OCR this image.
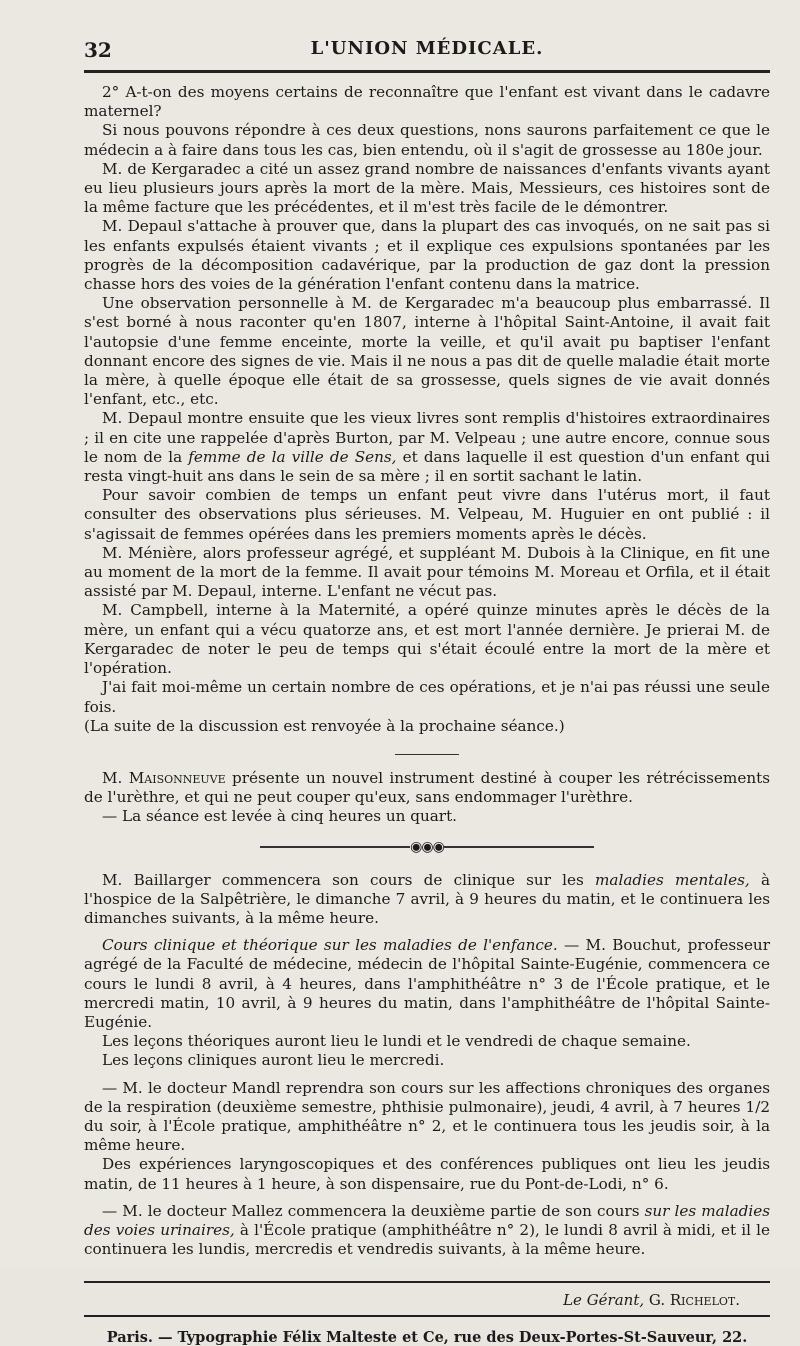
32	L'UNION MÉDICALE.

2° A-t-on des moyens certains de reconnaître que l'enfant est vivant dans le cadavre maternel?

Si nous pouvons répondre à ces deux questions, nons saurons parfaitement ce que le médecin a à faire dans tous les cas, bien entendu, où il s'agit de grossesse au 180e jour.

M. de Kergaradec a cité un assez grand nombre de naissances d'enfants vivants ayant eu lieu plusieurs jours après la mort de la mère. Mais, Messieurs, ces histoires sont de la même facture que les précédentes, et il m'est très facile de le démontrer.

M. Depaul s'attache à prouver que, dans la plupart des cas invoqués, on ne sait pas si les enfants expulsés étaient vivants ; et il explique ces expulsions spontanées par les progrès de la décomposition cadavérique, par la production de gaz dont la pression chasse hors des voies de la génération l'enfant contenu dans la matrice.

Une observation personnelle à M. de Kergaradec m'a beaucoup plus embarrassé. Il s'est borné à nous raconter qu'en 1807, interne à l'hôpital Saint-Antoine, il avait fait l'autopsie d'une femme enceinte, morte la veille, et qu'il avait pu baptiser l'enfant donnant encore des signes de vie. Mais il ne nous a pas dit de quelle maladie était morte la mère, à quelle époque elle était de sa grossesse, quels signes de vie avait donnés l'enfant, etc., etc.

M. Depaul montre ensuite que les vieux livres sont remplis d'histoires extraordinaires ; il en cite une rappelée d'après Burton, par M. Velpeau ; une autre encore, connue sous le nom de la femme de la ville de Sens, et dans laquelle il est question d'un enfant qui resta vingt-huit ans dans le sein de sa mère ; il en sortit sachant le latin.

Pour savoir combien de temps un enfant peut vivre dans l'utérus mort, il faut consulter des observations plus sérieuses. M. Velpeau, M. Huguier en ont publié : il s'agissait de femmes opérées dans les premiers moments après le décès.

M. Ménière, alors professeur agrégé, et suppléant M. Dubois à la Clinique, en fit une au moment de la mort de la femme. Il avait pour témoins M. Moreau et Orfila, et il était assisté par M. Depaul, interne. L'enfant ne vécut pas.

M. Campbell, interne à la Maternité, a opéré quinze minutes après le décès de la mère, un enfant qui a vécu quatorze ans, et est mort l'année dernière. Je prierai M. de Kergaradec de noter le peu de temps qui s'était écoulé entre la mort de la mère et l'opération.

J'ai fait moi-même un certain nombre de ces opérations, et je n'ai pas réussi une seule fois.

(La suite de la discussion est renvoyée à la prochaine séance.)

M. Maisonneuve présente un nouvel instrument destiné à couper les rétrécissements de l'urèthre, et qui ne peut couper qu'eux, sans endommager l'urèthre.

— La séance est levée à cinq heures un quart.

◉◉◉

M. Baillarger commencera son cours de clinique sur les maladies mentales, à l'hospice de la Salpêtrière, le dimanche 7 avril, à 9 heures du matin, et le continuera les dimanches suivants, à la même heure.

Cours clinique et théorique sur les maladies de l'enfance. — M. Bouchut, professeur agrégé de la Faculté de médecine, médecin de l'hôpital Sainte-Eugénie, commencera ce cours le lundi 8 avril, à 4 heures, dans l'amphithéâtre n° 3 de l'École pratique, et le mercredi matin, 10 avril, à 9 heures du matin, dans l'amphithéâtre de l'hôpital Sainte-Eugénie.

Les leçons théoriques auront lieu le lundi et le vendredi de chaque semaine.

Les leçons cliniques auront lieu le mercredi.

— M. le docteur Mandl reprendra son cours sur les affections chroniques des organes de la respiration (deuxième semestre, phthisie pulmonaire), jeudi, 4 avril, à 7 heures 1/2 du soir, à l'École pratique, amphithéâtre n° 2, et le continuera tous les jeudis soir, à la même heure.

Des expériences laryngoscopiques et des conférences publiques ont lieu les jeudis matin, de 11 heures à 1 heure, à son dispensaire, rue du Pont-de-Lodi, n° 6.

— M. le docteur Mallez commencera la deuxième partie de son cours sur les maladies des voies urinaires, à l'École pratique (amphithéâtre n° 2), le lundi 8 avril à midi, et il le continuera les lundis, mercredis et vendredis suivants, à la même heure.

Le Gérant, G. Richelot.
Paris. — Typographie Félix Malteste et Ce, rue des Deux-Portes-St-Sauveur, 22.
